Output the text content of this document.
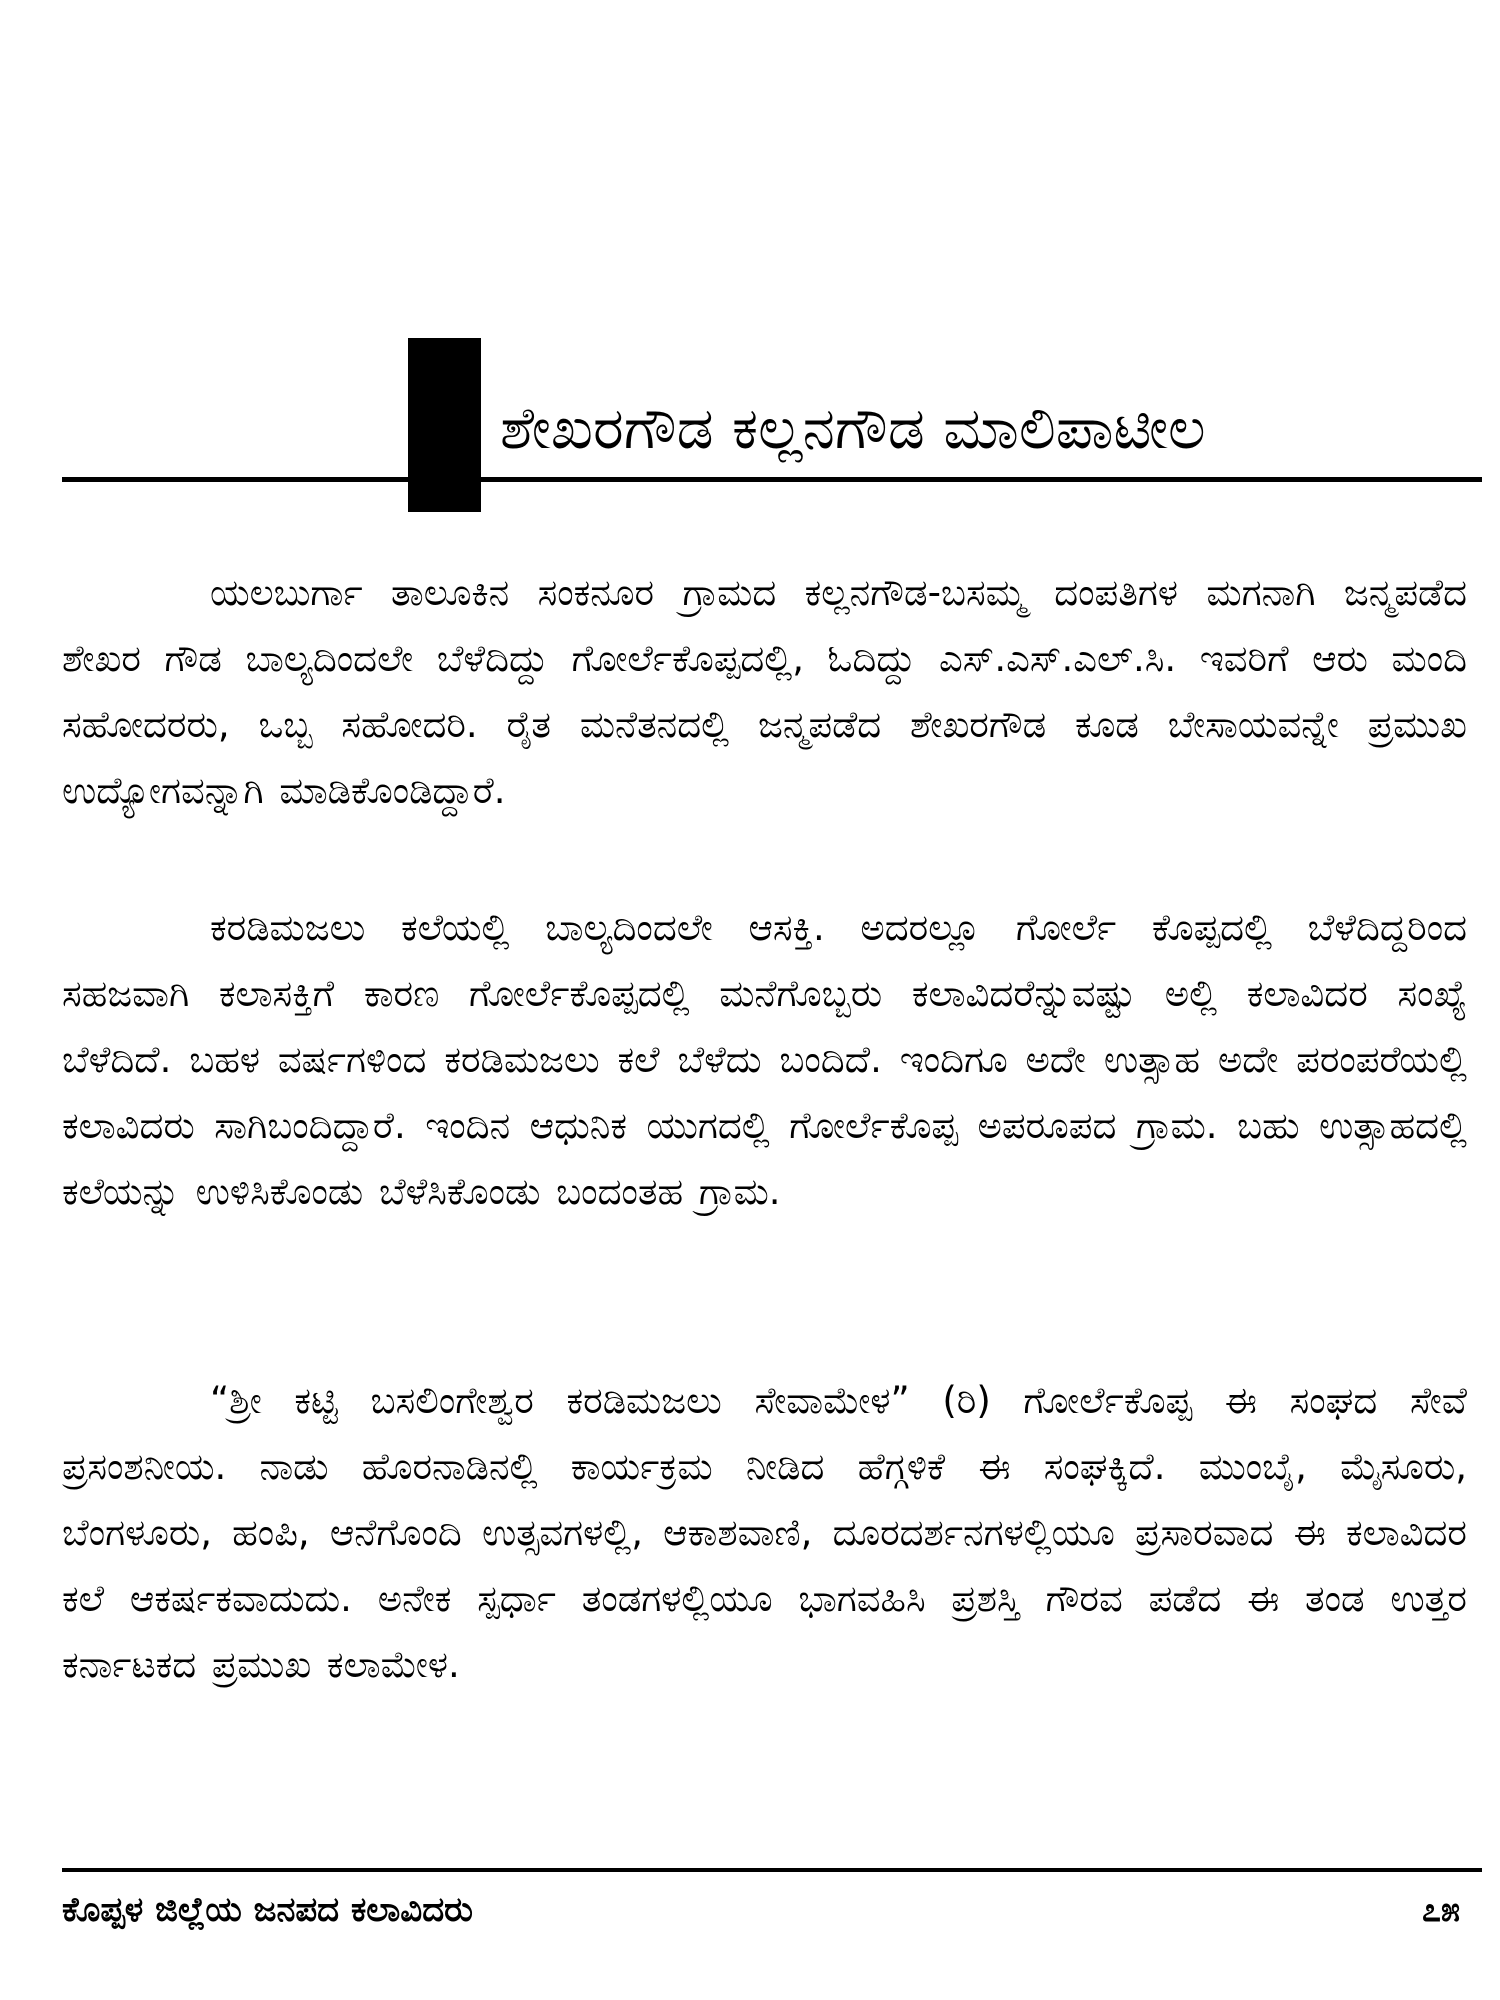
ಶೇಖರಗೌಡ ಕಲ್ಲನಗೌಡ ಮಾಲಿಪಾಟೀಲ

ಯಲಬುರ್ಗಾ ತಾಲೂಕಿನ ಸಂಕನೂರ ಗ್ರಾಮದ ಕಲ್ಲನಗೌಡ-ಬಸಮ್ಮ ದಂಪತಿಗಳ ಮಗನಾಗಿ ಜನ್ಮಪಡೆದ ಶೇಖರ ಗೌಡ ಬಾಲ್ಯದಿಂದಲೇ ಬೆಳೆದಿದ್ದು ಗೋರ್ಲೆಕೊಪ್ಪದಲ್ಲಿ, ಓದಿದ್ದು ಎಸ್.ಎಸ್.ಎಲ್.ಸಿ. ಇವರಿಗೆ ಆರು ಮಂದಿ ಸಹೋದರರು, ಒಬ್ಬ ಸಹೋದರಿ. ರೈತ ಮನೆತನದಲ್ಲಿ ಜನ್ಮಪಡೆದ ಶೇಖರಗೌಡ ಕೂಡ ಬೇಸಾಯವನ್ನೇ ಪ್ರಮುಖ ಉದ್ಯೋಗವನ್ನಾಗಿ ಮಾಡಿಕೊಂಡಿದ್ದಾರೆ.

ಕರಡಿಮಜಲು ಕಲೆಯಲ್ಲಿ ಬಾಲ್ಯದಿಂದಲೇ ಆಸಕ್ತಿ. ಅದರಲ್ಲೂ ಗೋರ್ಲೆ ಕೊಪ್ಪದಲ್ಲಿ ಬೆಳೆದಿದ್ದರಿಂದ ಸಹಜವಾಗಿ ಕಲಾಸಕ್ತಿಗೆ ಕಾರಣ ಗೋರ್ಲೆಕೊಪ್ಪದಲ್ಲಿ ಮನೆಗೊಬ್ಬರು ಕಲಾವಿದರೆನ್ನುವಷ್ಟು ಅಲ್ಲಿ ಕಲಾವಿದರ ಸಂಖ್ಯೆ ಬೆಳೆದಿದೆ. ಬಹಳ ವರ್ಷಗಳಿಂದ ಕರಡಿಮಜಲು ಕಲೆ ಬೆಳೆದು ಬಂದಿದೆ. ಇಂದಿಗೂ ಅದೇ ಉತ್ಸಾಹ ಅದೇ ಪರಂಪರೆಯಲ್ಲಿ ಕಲಾವಿದರು ಸಾಗಿಬಂದಿದ್ದಾರೆ. ಇಂದಿನ ಆಧುನಿಕ ಯುಗದಲ್ಲಿ ಗೋರ್ಲೆಕೊಪ್ಪ ಅಪರೂಪದ ಗ್ರಾಮ. ಬಹು ಉತ್ಸಾಹದಲ್ಲಿ ಕಲೆಯನ್ನು ಉಳಿಸಿಕೊಂಡು ಬೆಳೆಸಿಕೊಂಡು ಬಂದಂತಹ ಗ್ರಾಮ.

“ಶ್ರೀ ಕಟ್ಟಿ ಬಸಲಿಂಗೇಶ್ವರ ಕರಡಿಮಜಲು ಸೇವಾಮೇಳ” (ರಿ) ಗೋರ್ಲೆಕೊಪ್ಪ ಈ ಸಂಘದ ಸೇವೆ ಪ್ರಸಂಶನೀಯ. ನಾಡು ಹೊರನಾಡಿನಲ್ಲಿ ಕಾರ್ಯಕ್ರಮ ನೀಡಿದ ಹೆಗ್ಗಳಿಕೆ ಈ ಸಂಘಕ್ಕಿದೆ. ಮುಂಬೈ, ಮೈಸೂರು, ಬೆಂಗಳೂರು, ಹಂಪಿ, ಆನೆಗೊಂದಿ ಉತ್ಸವಗಳಲ್ಲಿ, ಆಕಾಶವಾಣಿ, ದೂರದರ್ಶನಗಳಲ್ಲಿಯೂ ಪ್ರಸಾರವಾದ ಈ ಕಲಾವಿದರ ಕಲೆ ಆಕರ್ಷಕವಾದುದು. ಅನೇಕ ಸ್ಪರ್ಧಾ ತಂಡಗಳಲ್ಲಿಯೂ ಭಾಗವಹಿಸಿ ಪ್ರಶಸ್ತಿ ಗೌರವ ಪಡೆದ ಈ ತಂಡ ಉತ್ತರ ಕರ್ನಾಟಕದ ಪ್ರಮುಖ ಕಲಾಮೇಳ.

ಕೊಪ್ಪಳ ಜಿಲ್ಲೆಯ ಜನಪದ ಕಲಾವಿದರು	೭೫
